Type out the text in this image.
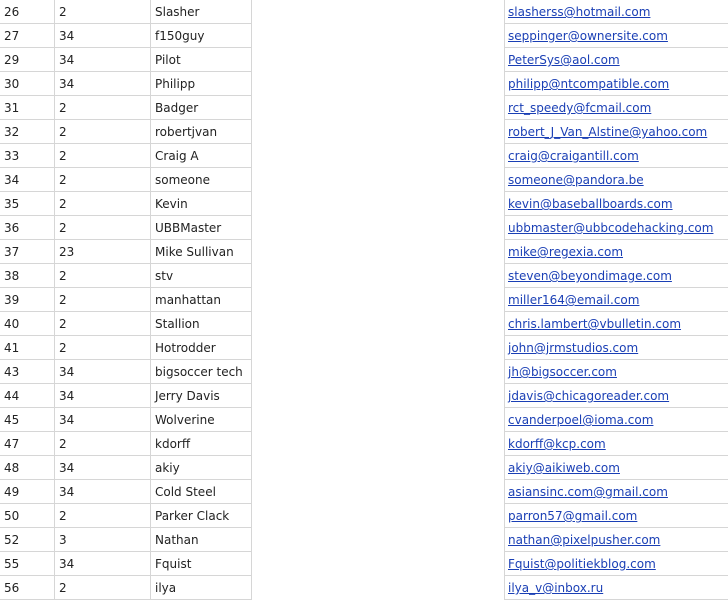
26	2	Slasher	slasherss@hotmail.com
27	34	f150guy	seppinger@ownersite.com
29	34	Pilot	PeterSys@aol.com
30	34	Philipp	philipp@ntcompatible.com
31	2	Badger	rct_speedy@fcmail.com
32	2	robertjvan	robert_J_Van_Alstine@yahoo.com
33	2	Craig A	craig@craigantill.com
34	2	someone	someone@pandora.be
35	2	Kevin	kevin@baseballboards.com
36	2	UBBMaster	ubbmaster@ubbcodehacking.com
37	23	Mike Sullivan	mike@regexia.com
38	2	stv	steven@beyondimage.com
39	2	manhattan	miller164@email.com
40	2	Stallion	chris.lambert@vbulletin.com
41	2	Hotrodder	john@jrmstudios.com
43	34	bigsoccer tech	jh@bigsoccer.com
44	34	Jerry Davis	jdavis@chicagoreader.com
45	34	Wolverine	cvanderpoel@ioma.com
47	2	kdorff	kdorff@kcp.com
48	34	akiy	akiy@aikiweb.com
49	34	Cold Steel	asiansinc.com@gmail.com
50	2	Parker Clack	parron57@gmail.com
52	3	Nathan	nathan@pixelpusher.com
55	34	Fquist	Fquist@politiekblog.com
56	2	ilya	ilya_v@inbox.ru
